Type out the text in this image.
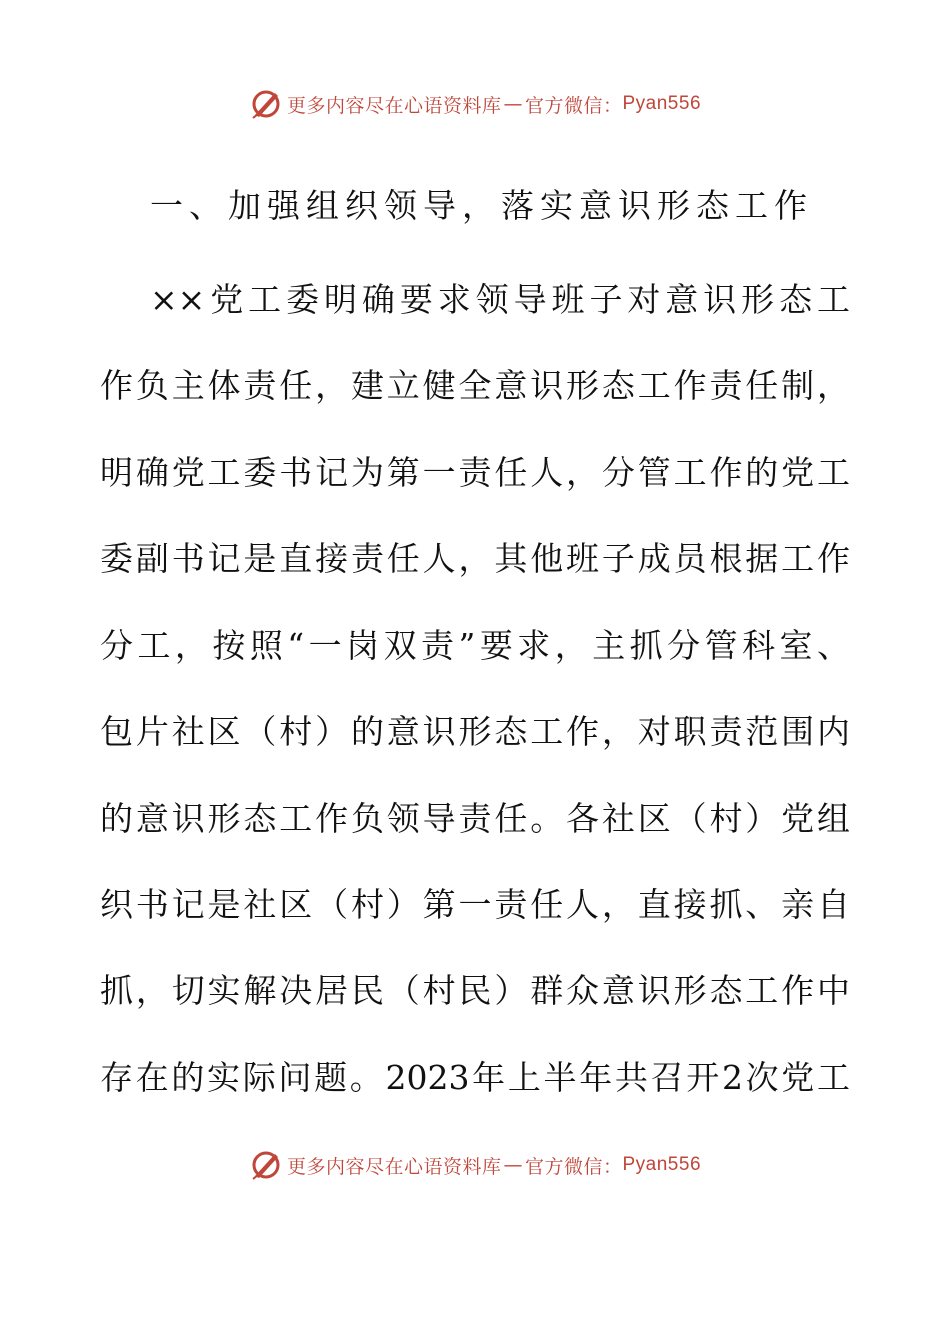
更多内容尽在心语资料库 — 官方微信： Pyan556
一、加强组织领导，落实意识形态工作
××党工委明确要求领导班子对意识形态工
作负主体责任，建立健全意识形态工作责任制，
明确党工委书记为第一责任人，分管工作的党工
委副书记是直接责任人，其他班子成员根据工作
分工，按照“一岗双责”要求，主抓分管科室、
包片社区（村）的意识形态工作，对职责范围内
的意识形态工作负领导责任。各社区（村）党组
织书记是社区（村）第一责任人，直接抓、亲自
抓，切实解决居民（村民）群众意识形态工作中
存在的实际问题。2023年上半年共召开2次党工
更多内容尽在心语资料库 — 官方微信： Pyan556
